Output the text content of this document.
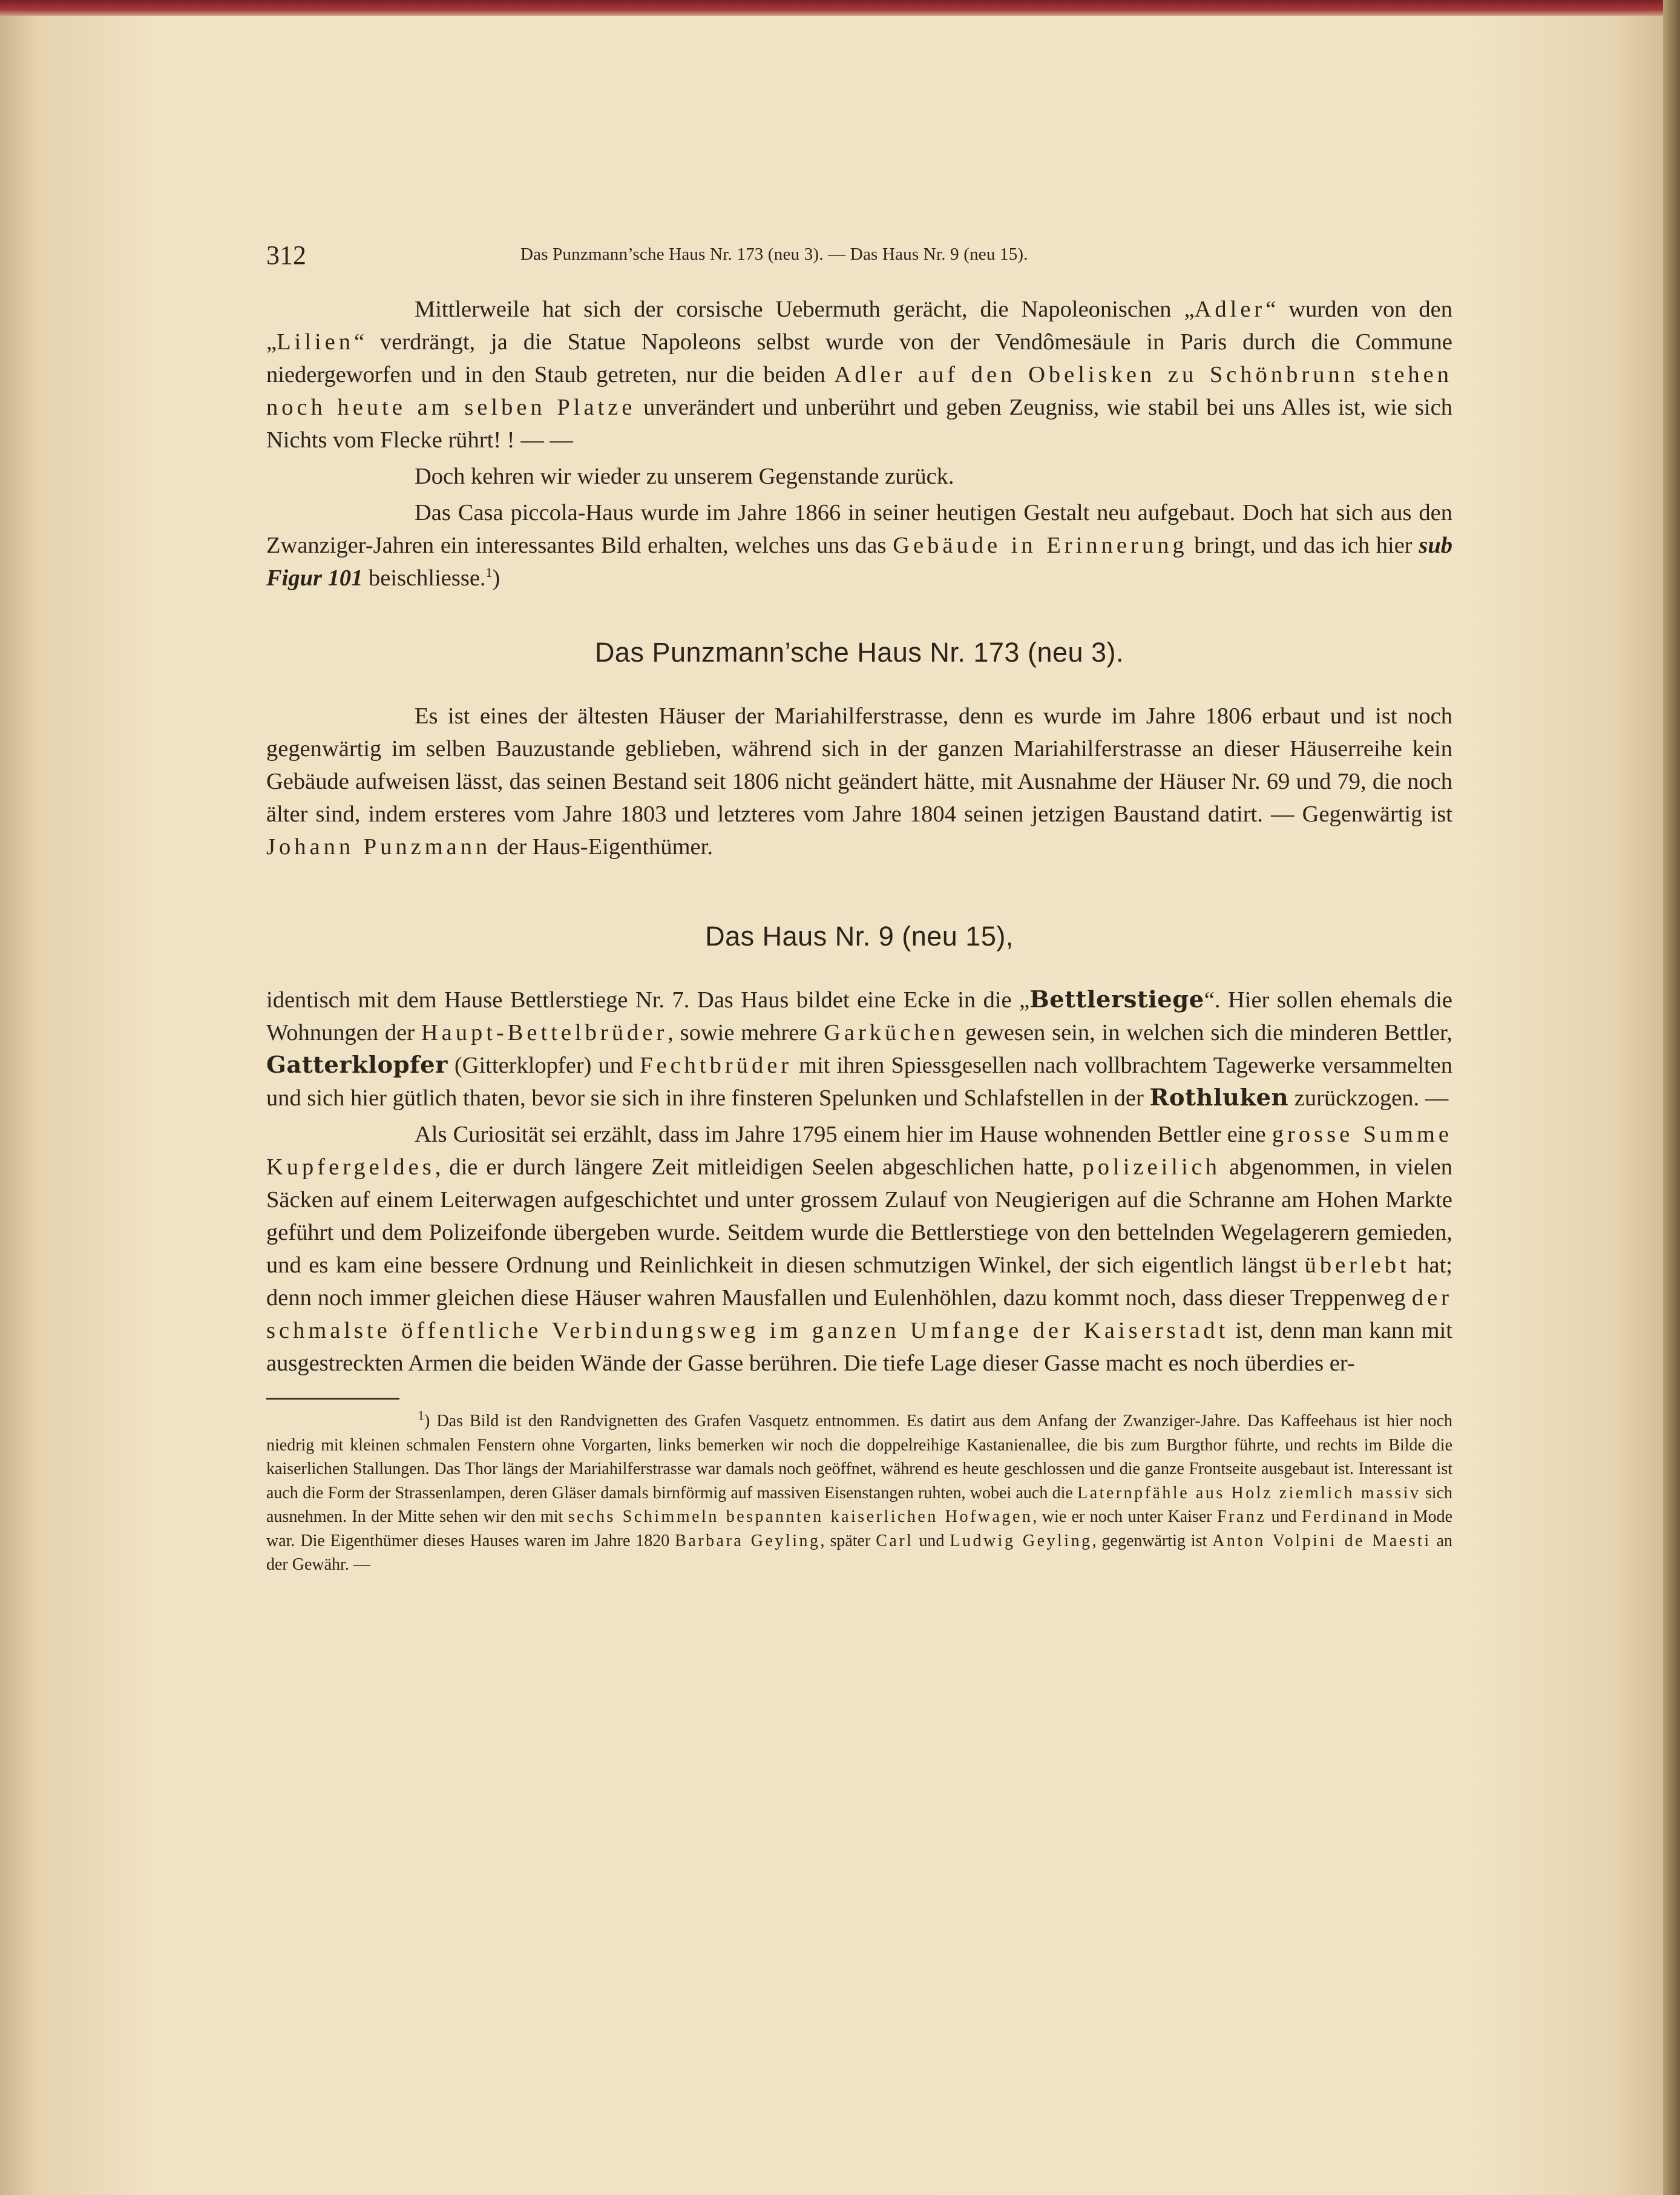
312	Das Punzmann’sche Haus Nr. 173 (neu 3). — Das Haus Nr. 9 (neu 15).

Mittlerweile hat sich der corsische Uebermuth gerächt, die Napoleonischen „Adler“ wurden von den „Lilien“ verdrängt, ja die Statue Napoleons selbst wurde von der Vendômesäule in Paris durch die Commune niedergeworfen und in den Staub getreten, nur die beiden Adler auf den Obelisken zu Schönbrunn stehen noch heute am selben Platze unverändert und unberührt und geben Zeugniss, wie stabil bei uns Alles ist, wie sich Nichts vom Flecke rührt! ! — —

Doch kehren wir wieder zu unserem Gegenstande zurück.

Das Casa piccola-Haus wurde im Jahre 1866 in seiner heutigen Gestalt neu aufgebaut. Doch hat sich aus den Zwanziger-Jahren ein interessantes Bild erhalten, welches uns das Gebäude in Erinnerung bringt, und das ich hier sub Figur 101 beischliesse.$^1$)

Das Punzmann’sche Haus Nr. 173 (neu 3).

Es ist eines der ältesten Häuser der Mariahilferstrasse, denn es wurde im Jahre 1806 erbaut und ist noch gegenwärtig im selben Bauzustande geblieben, während sich in der ganzen Mariahilferstrasse an dieser Häuserreihe kein Gebäude aufweisen lässt, das seinen Bestand seit 1806 nicht geändert hätte, mit Ausnahme der Häuser Nr. 69 und 79, die noch älter sind, indem ersteres vom Jahre 1803 und letzteres vom Jahre 1804 seinen jetzigen Baustand datirt. — Gegenwärtig ist Johann Punzmann der Haus-Eigenthümer.

Das Haus Nr. 9 (neu 15),

identisch mit dem Hause Bettlerstiege Nr. 7. Das Haus bildet eine Ecke in die „Bettlerstiege“. Hier sollen ehemals die Wohnungen der Haupt-Bettelbrüder, sowie mehrere Garküchen gewesen sein, in welchen sich die minderen Bettler, Gatterklopfer (Gitterklopfer) und Fechtbrüder mit ihren Spiessgesellen nach vollbrachtem Tagewerke versammelten und sich hier gütlich thaten, bevor sie sich in ihre finsteren Spelunken und Schlafstellen in der Rothluken zurückzogen. —

Als Curiosität sei erzählt, dass im Jahre 1795 einem hier im Hause wohnenden Bettler eine grosse Summe Kupfergeldes, die er durch längere Zeit mitleidigen Seelen abgeschlichen hatte, polizeilich abgenommen, in vielen Säcken auf einem Leiterwagen aufgeschichtet und unter grossem Zulauf von Neugierigen auf die Schranne am Hohen Markte geführt und dem Polizeifonde übergeben wurde. Seitdem wurde die Bettlerstiege von den bettelnden Wegelagerern gemieden, und es kam eine bessere Ordnung und Reinlichkeit in diesen schmutzigen Winkel, der sich eigentlich längst überlebt hat; denn noch immer gleichen diese Häuser wahren Mausfallen und Eulenhöhlen, dazu kommt noch, dass dieser Treppenweg der schmalste öffentliche Verbindungsweg im ganzen Umfange der Kaiserstadt ist, denn man kann mit ausgestreckten Armen die beiden Wände der Gasse berühren. Die tiefe Lage dieser Gasse macht es noch überdies er-

$^1$) Das Bild ist den Randvignetten des Grafen Vasquetz entnommen. Es datirt aus dem Anfang der Zwanziger-Jahre. Das Kaffeehaus ist hier noch niedrig mit kleinen schmalen Fenstern ohne Vorgarten, links bemerken wir noch die doppelreihige Kastanienallee, die bis zum Burgthor führte, und rechts im Bilde die kaiserlichen Stallungen. Das Thor längs der Mariahilferstrasse war damals noch geöffnet, während es heute geschlossen und die ganze Frontseite ausgebaut ist. Interessant ist auch die Form der Strassenlampen, deren Gläser damals birnförmig auf massiven Eisenstangen ruhten, wobei auch die Laternpfähle aus Holz ziemlich massiv sich ausnehmen. In der Mitte sehen wir den mit sechs Schimmeln bespannten kaiserlichen Hofwagen, wie er noch unter Kaiser Franz und Ferdinand in Mode war. Die Eigenthümer dieses Hauses waren im Jahre 1820 Barbara Geyling, später Carl und Ludwig Geyling, gegenwärtig ist Anton Volpini de Maesti an der Gewähr. —
